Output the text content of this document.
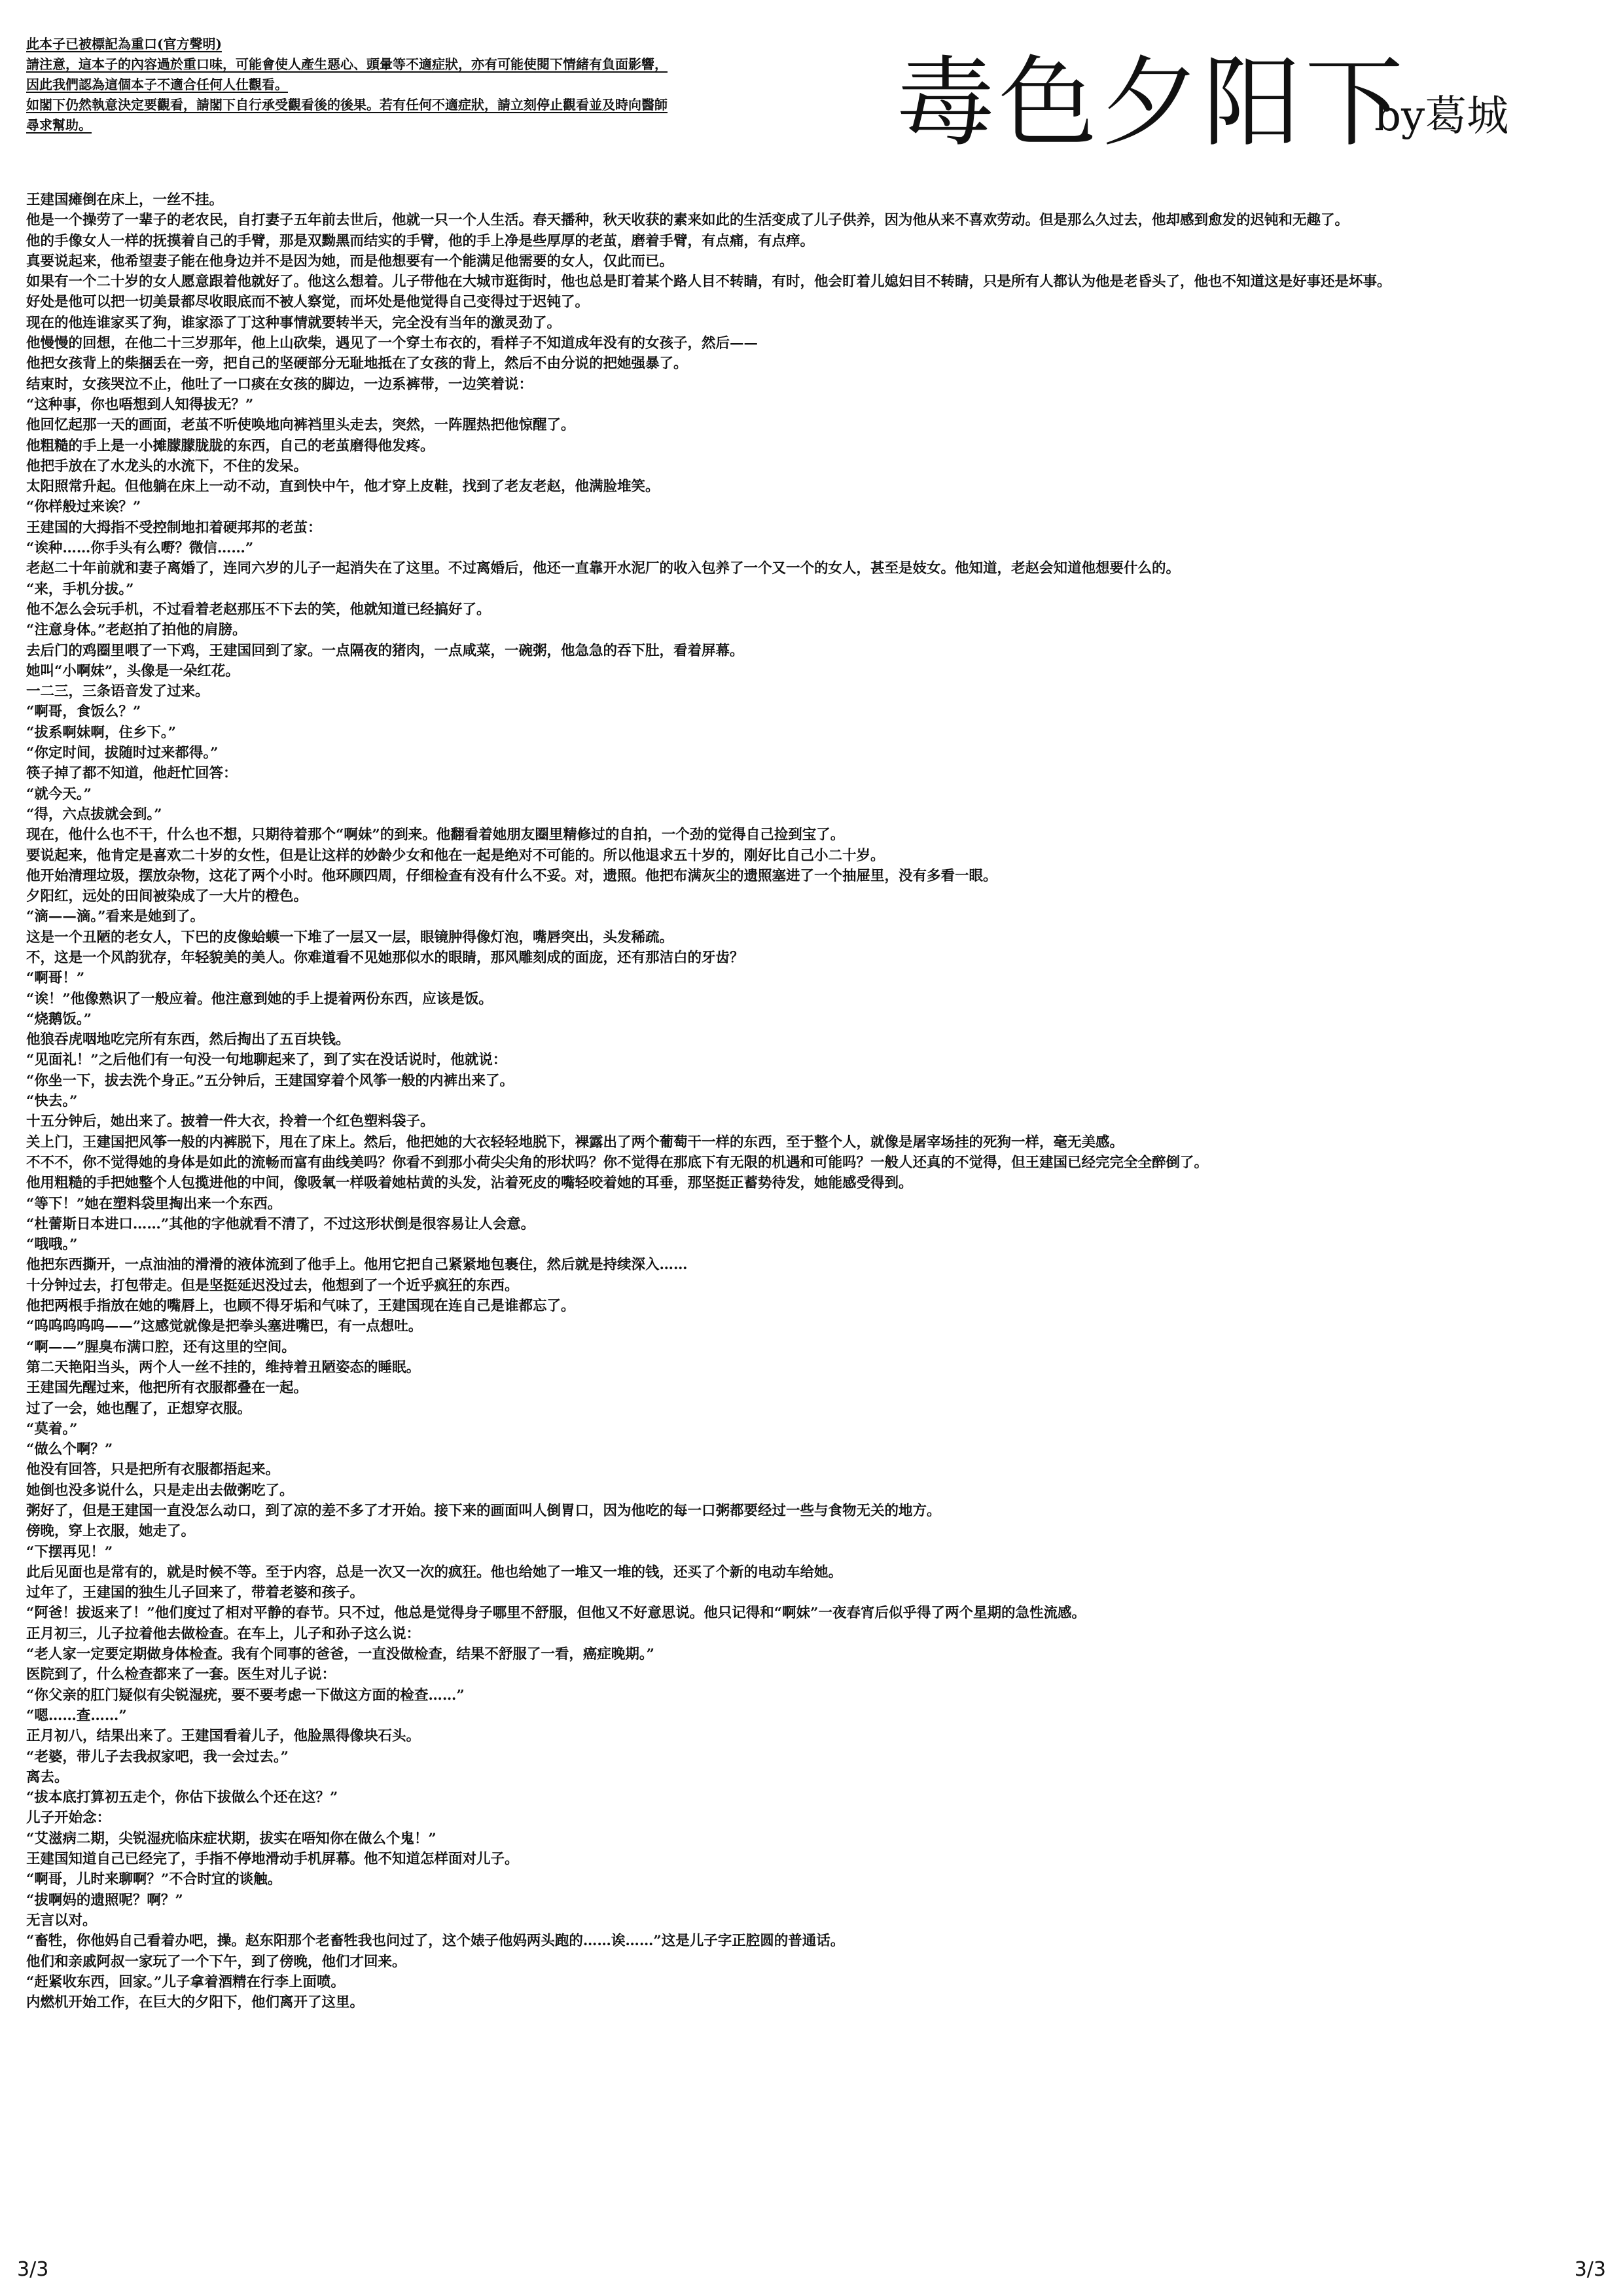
此本子已被標記為重口(官方聲明)

請注意，這本子的內容過於重口味，可能會使人產生惡心、頭暈等不適症狀，亦有可能使閱下情緒有負面影響，

因此我們認為這個本子不適合任何人仕觀看。

如閣下仍然執意決定要觀看，請閣下自行承受觀看後的後果。若有任何不適症狀，請立刻停止觀看並及時向醫師

尋求幫助。	毒色夕阳下
by葛城

王建国瘫倒在床上，一丝不挂。

他是一个操劳了一辈子的老农民，自打妻子五年前去世后，他就一只一个人生活。春天播种，秋天收获的素来如此的生活变成了儿子供养，因为他从来不喜欢劳动。但是那么久过去，他却感到愈发的迟钝和无趣了。

他的手像女人一样的抚摸着自己的手臂，那是双黝黑而结实的手臂，他的手上净是些厚厚的老茧，磨着手臂，有点痛，有点痒。

真要说起来，他希望妻子能在他身边并不是因为她，而是他想要有一个能满足他需要的女人，仅此而已。

如果有一个二十岁的女人愿意跟着他就好了。他这么想着。儿子带他在大城市逛街时，他也总是盯着某个路人目不转睛，有时，他会盯着儿媳妇目不转睛，只是所有人都认为他是老昏头了，他也不知道这是好事还是坏事。

好处是他可以把一切美景都尽收眼底而不被人察觉，而坏处是他觉得自己变得过于迟钝了。

现在的他连谁家买了狗，谁家添了丁这种事情就要转半天，完全没有当年的激灵劲了。

他慢慢的回想，在他二十三岁那年，他上山砍柴，遇见了一个穿土布衣的，看样子不知道成年没有的女孩子，然后——

他把女孩背上的柴捆丢在一旁，把自己的坚硬部分无耻地抵在了女孩的背上，然后不由分说的把她强暴了。

结束时，女孩哭泣不止，他吐了一口痰在女孩的脚边，一边系裤带，一边笑着说：

“这种事，你也唔想到人知得拔无？”

他回忆起那一天的画面，老茧不听使唤地向裤裆里头走去，突然，一阵腥热把他惊醒了。

他粗糙的手上是一小摊朦朦胧胧的东西，自己的老茧磨得他发疼。

他把手放在了水龙头的水流下，不住的发呆。

太阳照常升起。但他躺在床上一动不动，直到快中午，他才穿上皮鞋，找到了老友老赵，他满脸堆笑。

“你样般过来诶？”

王建国的大拇指不受控制地扣着硬邦邦的老茧：

“诶种……你手头有么嘢？微信……”

老赵二十年前就和妻子离婚了，连同六岁的儿子一起消失在了这里。不过离婚后，他还一直靠开水泥厂的收入包养了一个又一个的女人，甚至是妓女。他知道，老赵会知道他想要什么的。

“来，手机分拔。”

他不怎么会玩手机，不过看着老赵那压不下去的笑，他就知道已经搞好了。

“注意身体。”老赵拍了拍他的肩膀。

去后门的鸡圈里喂了一下鸡，王建国回到了家。一点隔夜的猪肉，一点咸菜，一碗粥，他急急的吞下肚，看着屏幕。

她叫“小啊妹”，头像是一朵红花。

一二三，三条语音发了过来。

“啊哥，食饭么？”

“拔系啊妹啊，住乡下。”

“你定时间，拔随时过来都得。”

筷子掉了都不知道，他赶忙回答：

“就今天。”

“得，六点拔就会到。”

现在，他什么也不干，什么也不想，只期待着那个“啊妹”的到来。他翻看着她朋友圈里精修过的自拍，一个劲的觉得自己捡到宝了。

要说起来，他肯定是喜欢二十岁的女性，但是让这样的妙龄少女和他在一起是绝对不可能的。所以他退求五十岁的，刚好比自己小二十岁。

他开始清理垃圾，摆放杂物，这花了两个小时。他环顾四周，仔细检查有没有什么不妥。对，遗照。他把布满灰尘的遗照塞进了一个抽屉里，没有多看一眼。

夕阳红，远处的田间被染成了一大片的橙色。

“滴——滴。”看来是她到了。

这是一个丑陋的老女人，下巴的皮像蛤蟆一下堆了一层又一层，眼镜肿得像灯泡，嘴唇突出，头发稀疏。

不，这是一个风韵犹存，年轻貌美的美人。你难道看不见她那似水的眼睛，那风雕刻成的面庞，还有那洁白的牙齿？

“啊哥！”

“诶！”他像熟识了一般应着。他注意到她的手上提着两份东西，应该是饭。

“烧鹅饭。”

他狼吞虎咽地吃完所有东西，然后掏出了五百块钱。

“见面礼！”之后他们有一句没一句地聊起来了，到了实在没话说时，他就说：

“你坐一下，拔去洗个身正。”五分钟后，王建国穿着个风筝一般的内裤出来了。

“快去。”

十五分钟后，她出来了。披着一件大衣，拎着一个红色塑料袋子。

关上门，王建国把风筝一般的内裤脱下，甩在了床上。然后，他把她的大衣轻轻地脱下，裸露出了两个葡萄干一样的东西，至于整个人，就像是屠宰场挂的死狗一样，毫无美感。

不不不，你不觉得她的身体是如此的流畅而富有曲线美吗？你看不到那小荷尖尖角的形状吗？你不觉得在那底下有无限的机遇和可能吗？一般人还真的不觉得，但王建国已经完完全全醉倒了。

他用粗糙的手把她整个人包揽进他的中间，像吸氧一样吸着她枯黄的头发，沾着死皮的嘴轻咬着她的耳垂，那坚挺正蓄势待发，她能感受得到。

“等下！”她在塑料袋里掏出来一个东西。

“杜蕾斯日本进口……”其他的字他就看不清了，不过这形状倒是很容易让人会意。

“哦哦。”

他把东西撕开，一点油油的滑滑的液体流到了他手上。他用它把自己紧紧地包裹住，然后就是持续深入……

十分钟过去，打包带走。但是坚挺延迟没过去，他想到了一个近乎疯狂的东西。

他把两根手指放在她的嘴唇上，也顾不得牙垢和气味了，王建国现在连自己是谁都忘了。

“呜呜呜呜呜——”这感觉就像是把拳头塞进嘴巴，有一点想吐。

“啊——”腥臭布满口腔，还有这里的空间。

第二天艳阳当头，两个人一丝不挂的，维持着丑陋姿态的睡眠。

王建国先醒过来，他把所有衣服都叠在一起。

过了一会，她也醒了，正想穿衣服。

“莫着。”

“做么个啊？”

他没有回答，只是把所有衣服都捂起来。

她倒也没多说什么，只是走出去做粥吃了。

粥好了，但是王建国一直没怎么动口，到了凉的差不多了才开始。接下来的画面叫人倒胃口，因为他吃的每一口粥都要经过一些与食物无关的地方。

傍晚，穿上衣服，她走了。

“下摆再见！”

此后见面也是常有的，就是时候不等。至于内容，总是一次又一次的疯狂。他也给她了一堆又一堆的钱，还买了个新的电动车给她。

过年了，王建国的独生儿子回来了，带着老婆和孩子。

“阿爸！拔返来了！”他们度过了相对平静的春节。只不过，他总是觉得身子哪里不舒服，但他又不好意思说。他只记得和“啊妹”一夜春宵后似乎得了两个星期的急性流感。

正月初三，儿子拉着他去做检查。在车上，儿子和孙子这么说：

“老人家一定要定期做身体检查。我有个同事的爸爸，一直没做检查，结果不舒服了一看，癌症晚期。”

医院到了，什么检查都来了一套。医生对儿子说：

“你父亲的肛门疑似有尖锐湿疣，要不要考虑一下做这方面的检查……”

“嗯……查……”

正月初八，结果出来了。王建国看着儿子，他脸黑得像块石头。

“老婆，带儿子去我叔家吧，我一会过去。”

离去。

“拔本底打算初五走个，你估下拔做么个还在这？”

儿子开始念：

“艾滋病二期，尖锐湿疣临床症状期，拔实在唔知你在做么个鬼！”

王建国知道自己已经完了，手指不停地滑动手机屏幕。他不知道怎样面对儿子。

“啊哥，儿时来聊啊？”不合时宜的谈触。

“拔啊妈的遗照呢？啊？”

无言以对。

“畜牲，你他妈自己看着办吧，操。赵东阳那个老畜牲我也问过了，这个婊子他妈两头跑的……诶……”这是儿子字正腔圆的普通话。

他们和亲戚阿叔一家玩了一个下午，到了傍晚，他们才回来。

“赶紧收东西，回家。”儿子拿着酒精在行李上面喷。

内燃机开始工作，在巨大的夕阳下，他们离开了这里。

3/3	3/3
